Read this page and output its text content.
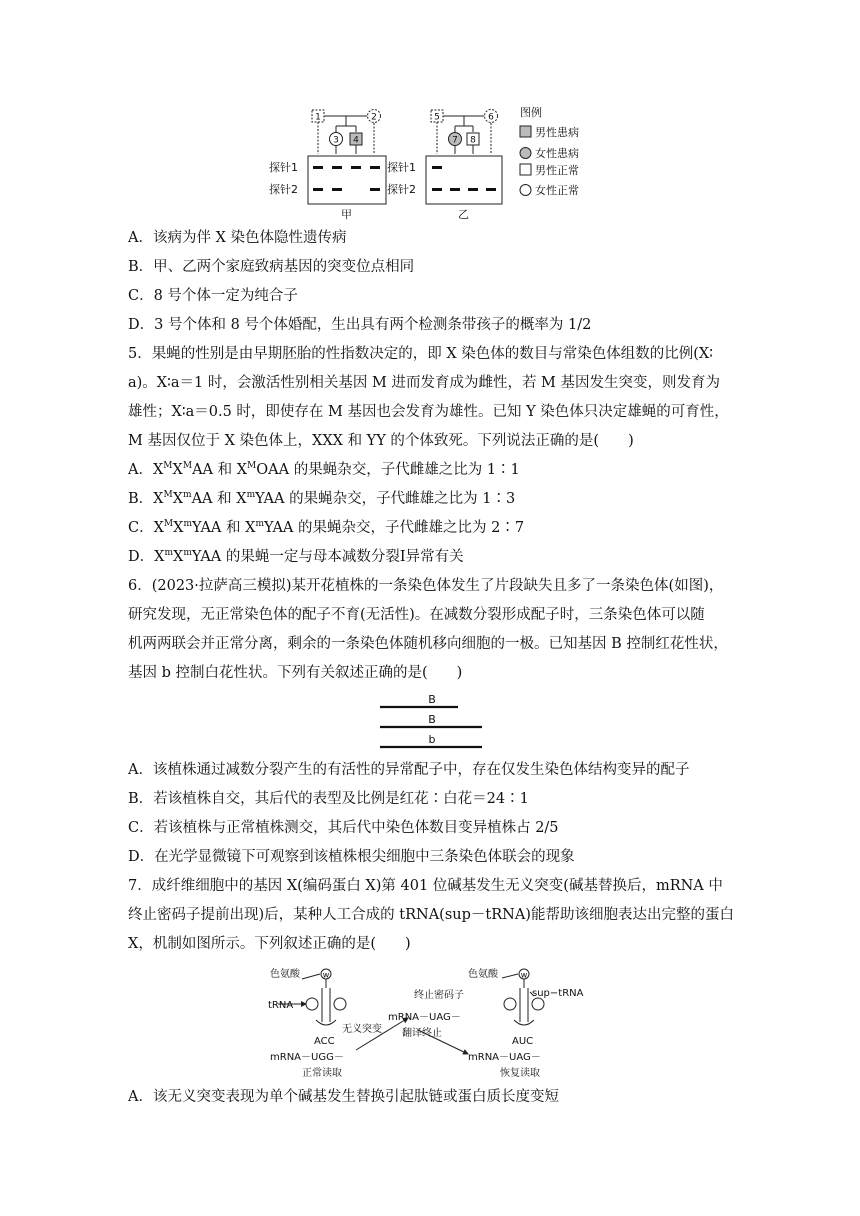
1	2
3 4
5	6
7 8
探针1
探针2
探针1
探针2
甲	乙
图例
男性患病
女性患病
男性正常
女性正常
A．该病为伴 X 染色体隐性遗传病
B．甲、乙两个家庭致病基因的突变位点相同
C．8 号个体一定为纯合子
D．3 号个体和 8 号个体婚配，生出具有两个检测条带孩子的概率为 1/2
5．果蝇的性别是由早期胚胎的性指数决定的，即 X 染色体的数目与常染色体组数的比例(X∶
a)。X∶a＝1 时，会激活性别相关基因 M 进而发育成为雌性，若 M 基因发生突变，则发育为
雄性；X∶a＝0.5 时，即使存在 M 基因也会发育为雄性。已知 Y 染色体只决定雄蝇的可育性，
M 基因仅位于 X 染色体上，XXX 和 YY 的个体致死。下列说法正确的是(　　)
A．$X^MX^MAA$ 和 $X^MOAA$ 的果蝇杂交，子代雌雄之比为 1∶1
B．$X^MX^mAA$ 和 $X^mYAA$ 的果蝇杂交，子代雌雄之比为 1∶3
C．$X^MX^mYAA$ 和 $X^mYAA$ 的果蝇杂交，子代雌雄之比为 2∶7
D．$X^mX^mYAA$ 的果蝇一定与母本减数分裂Ⅰ异常有关
6．(2023·拉萨高三模拟)某开花植株的一条染色体发生了片段缺失且多了一条染色体(如图)，
研究发现，无正常染色体的配子不育(无活性)。在减数分裂形成配子时，三条染色体可以随
机两两联会并正常分离，剩余的一条染色体随机移向细胞的一极。已知基因 B 控制红花性状，
基因 b 控制白花性状。下列有关叙述正确的是(　　)
B
B
b
A．该植株通过减数分裂产生的有活性的异常配子中，存在仅发生染色体结构变异的配子
B．若该植株自交，其后代的表型及比例是红花∶白花＝24∶1
C．若该植株与正常植株测交，其后代中染色体数目变异植株占 2/5
D．在光学显微镜下可观察到该植株根尖细胞中三条染色体联会的现象
7．成纤维细胞中的基因 X(编码蛋白 X)第 401 位碱基发生无义突变(碱基替换后，mRNA 中
终止密码子提前出现)后，某种人工合成的 tRNA(sup－tRNA)能帮助该细胞表达出完整的蛋白
X，机制如图所示。下列叙述正确的是(　　)
色氨酸	w
tRNA
ACC
mRNA－UGG－
正常读取
无义突变
终止密码子
mRNA－UAG－
翻译终止
色氨酸	w
sup−tRNA
AUC
mRNA－UAG－
恢复读取
A．该无义突变表现为单个碱基发生替换引起肽链或蛋白质长度变短
